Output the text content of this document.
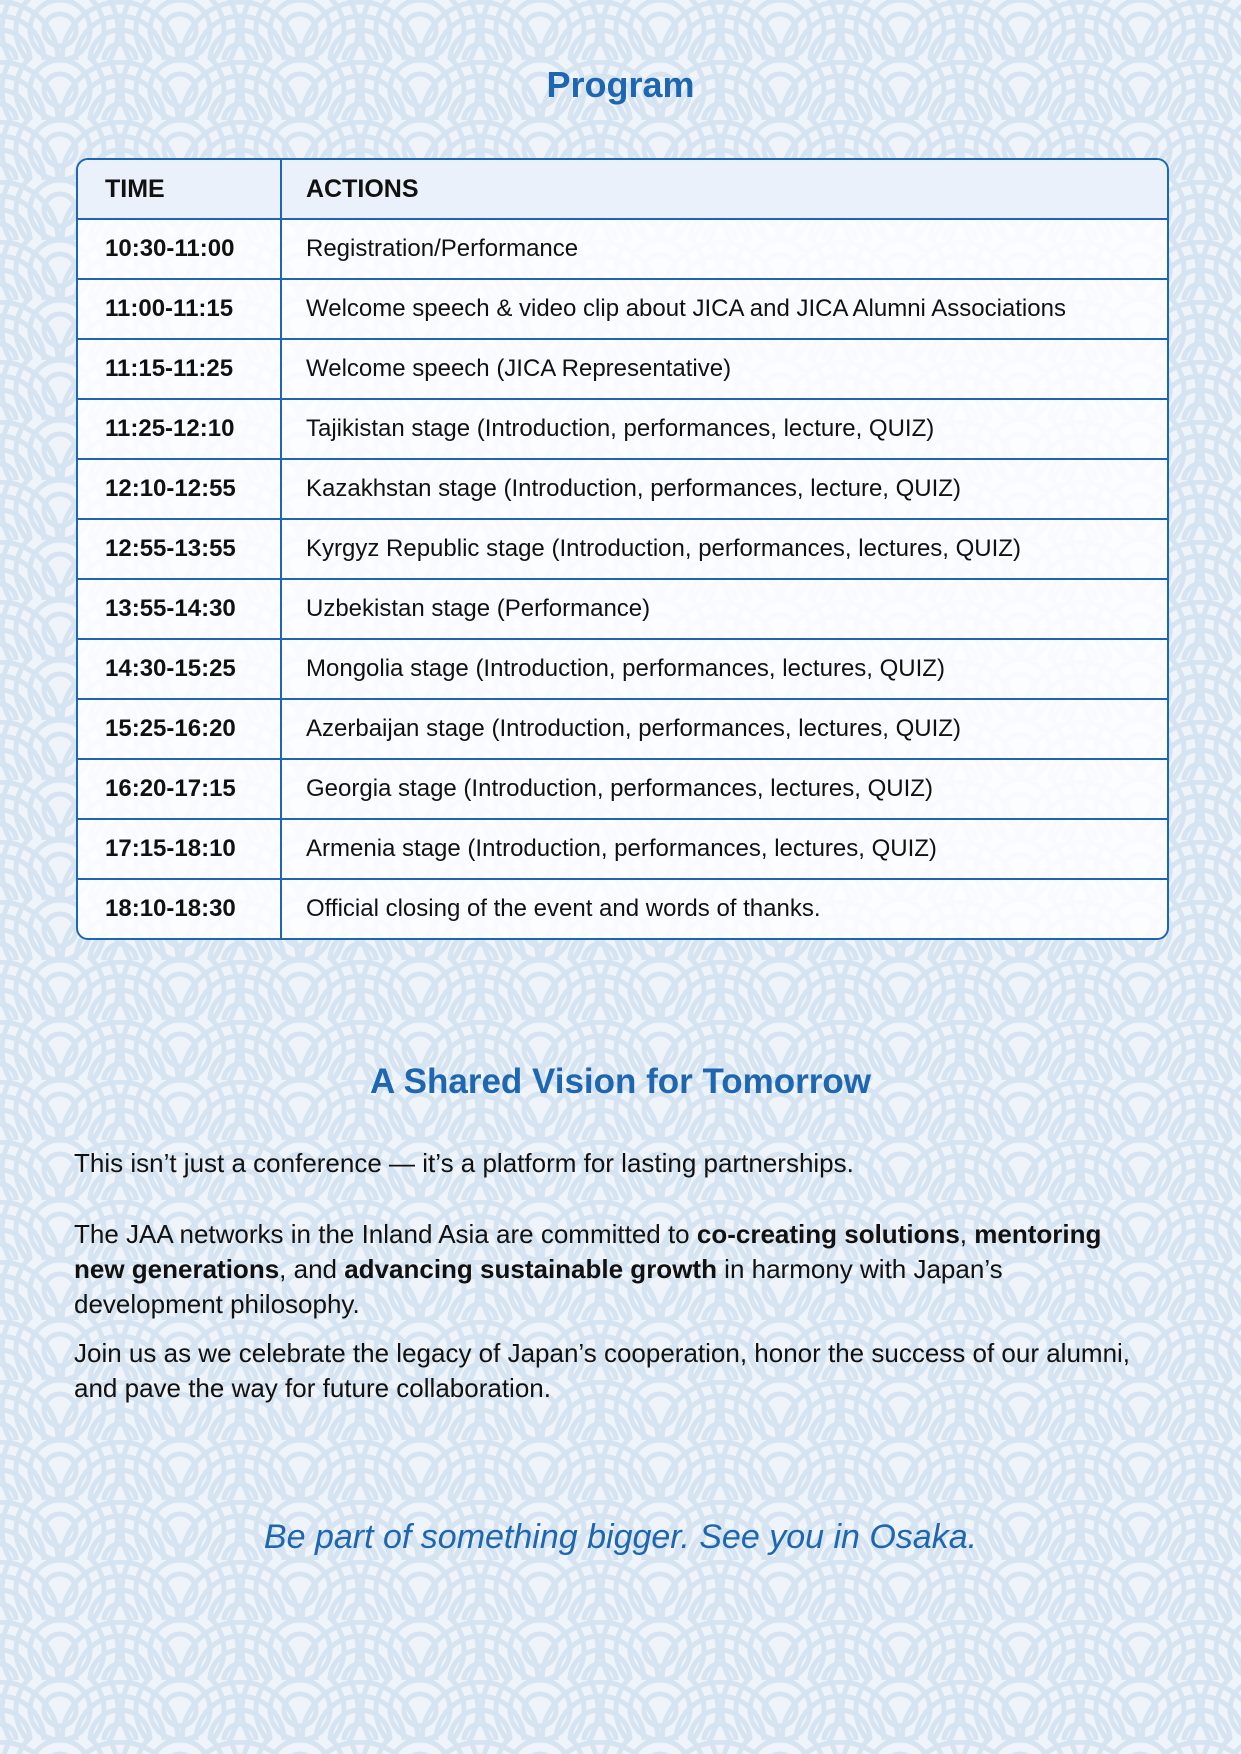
Program
TIME	ACTIONS
10:30-11:00	Registration/Performance
11:00-11:15	Welcome speech & video clip about JICA and JICA Alumni Associations
11:15-11:25	Welcome speech (JICA Representative)
11:25-12:10	Tajikistan stage (Introduction, performances, lecture, QUIZ)
12:10-12:55	Kazakhstan stage (Introduction, performances, lecture, QUIZ)
12:55-13:55	Kyrgyz Republic stage (Introduction, performances, lectures, QUIZ)
13:55-14:30	Uzbekistan stage (Performance)
14:30-15:25	Mongolia stage (Introduction, performances, lectures, QUIZ)
15:25-16:20	Azerbaijan stage (Introduction, performances, lectures, QUIZ)
16:20-17:15	Georgia stage (Introduction, performances, lectures, QUIZ)
17:15-18:10	Armenia stage (Introduction, performances, lectures, QUIZ)
18:10-18:30	Official closing of the event and words of thanks.
A Shared Vision for Tomorrow
This isn’t just a conference — it’s a platform for lasting partnerships.
The JAA networks in the Inland Asia are committed to co-creating solutions, mentoring new generations, and advancing sustainable growth in harmony with Japan’s development philosophy.
Join us as we celebrate the legacy of Japan’s cooperation, honor the success of our alumni, and pave the way for future collaboration.
Be part of something bigger. See you in Osaka.
